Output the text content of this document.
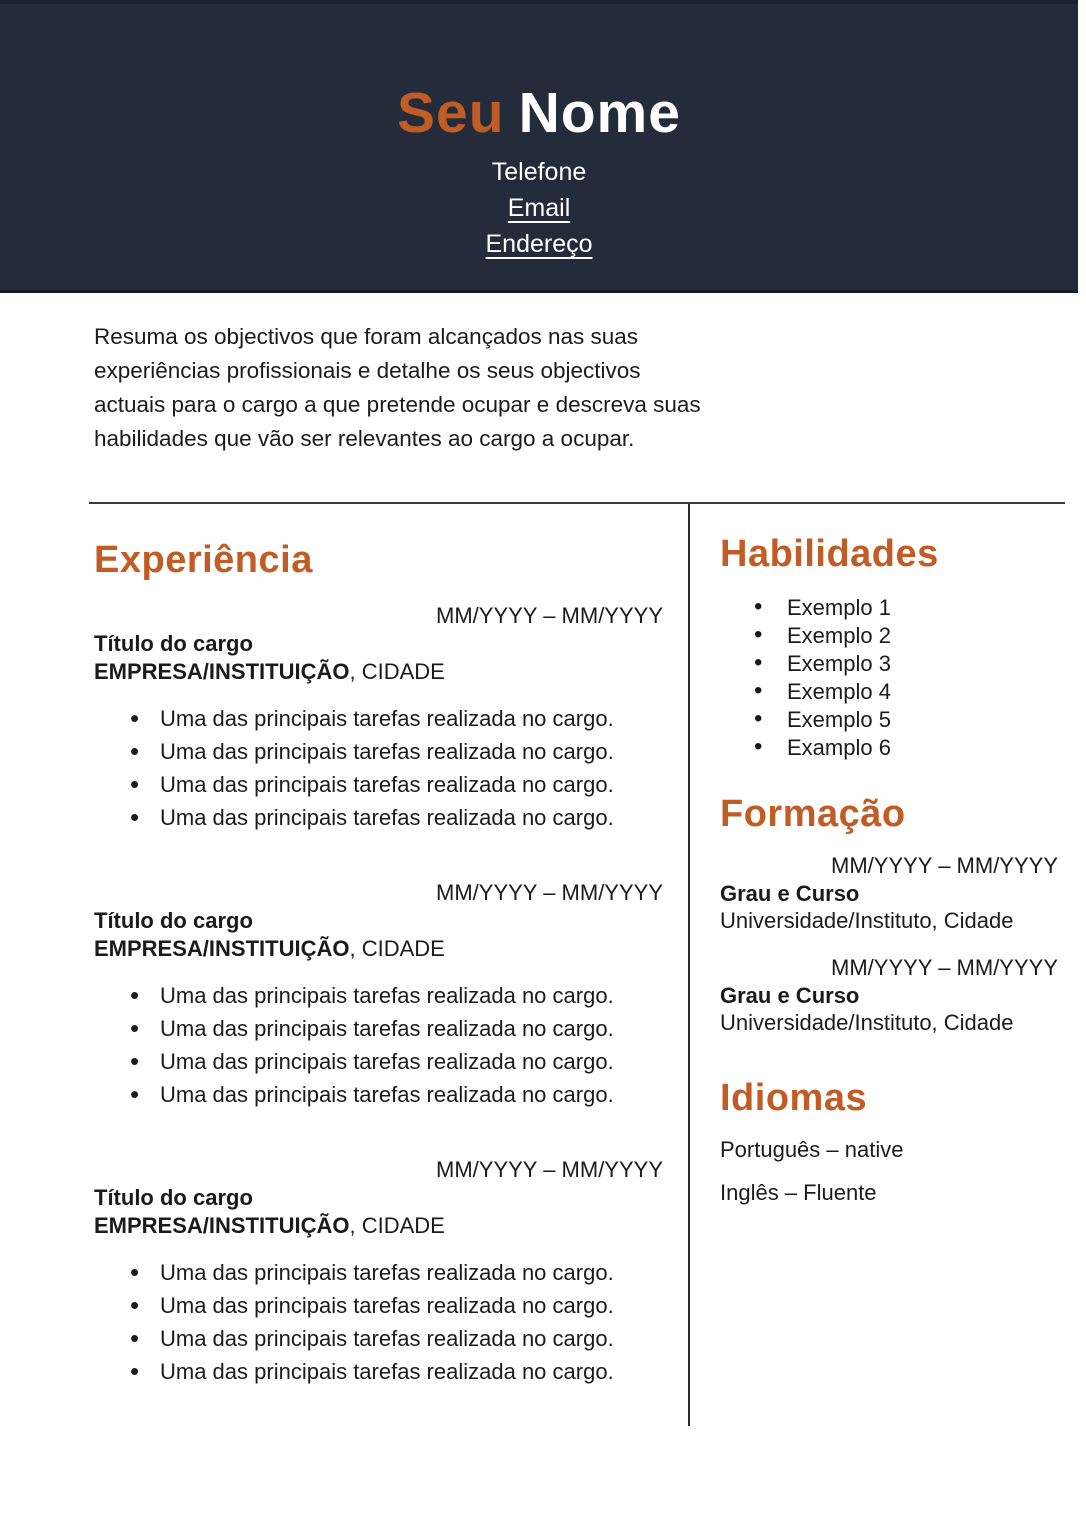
Seu Nome
Telefone
Email
Endereço

Resuma os objectivos que foram alcançados nas suas experiências profissionais e detalhe os seus objectivos actuais para o cargo a que pretende ocupar e descreva suas habilidades que vão ser relevantes ao cargo a ocupar.

Experiência
MM/YYYY – MM/YYYY
Título do cargo
EMPRESA/INSTITUIÇÃO, CIDADE
• Uma das principais tarefas realizada no cargo.
• Uma das principais tarefas realizada no cargo.
• Uma das principais tarefas realizada no cargo.
• Uma das principais tarefas realizada no cargo.
MM/YYYY – MM/YYYY
Título do cargo
EMPRESA/INSTITUIÇÃO, CIDADE
• Uma das principais tarefas realizada no cargo.
• Uma das principais tarefas realizada no cargo.
• Uma das principais tarefas realizada no cargo.
• Uma das principais tarefas realizada no cargo.
MM/YYYY – MM/YYYY
Título do cargo
EMPRESA/INSTITUIÇÃO, CIDADE
• Uma das principais tarefas realizada no cargo.
• Uma das principais tarefas realizada no cargo.
• Uma das principais tarefas realizada no cargo.
• Uma das principais tarefas realizada no cargo.
Habilidades
• Exemplo 1
• Exemplo 2
• Exemplo 3
• Exemplo 4
• Exemplo 5
• Examplo 6
Formação
MM/YYYY – MM/YYYY
Grau e Curso
Universidade/Instituto, Cidade
MM/YYYY – MM/YYYY
Grau e Curso
Universidade/Instituto, Cidade
Idiomas

Português – native

Inglês – Fluente
